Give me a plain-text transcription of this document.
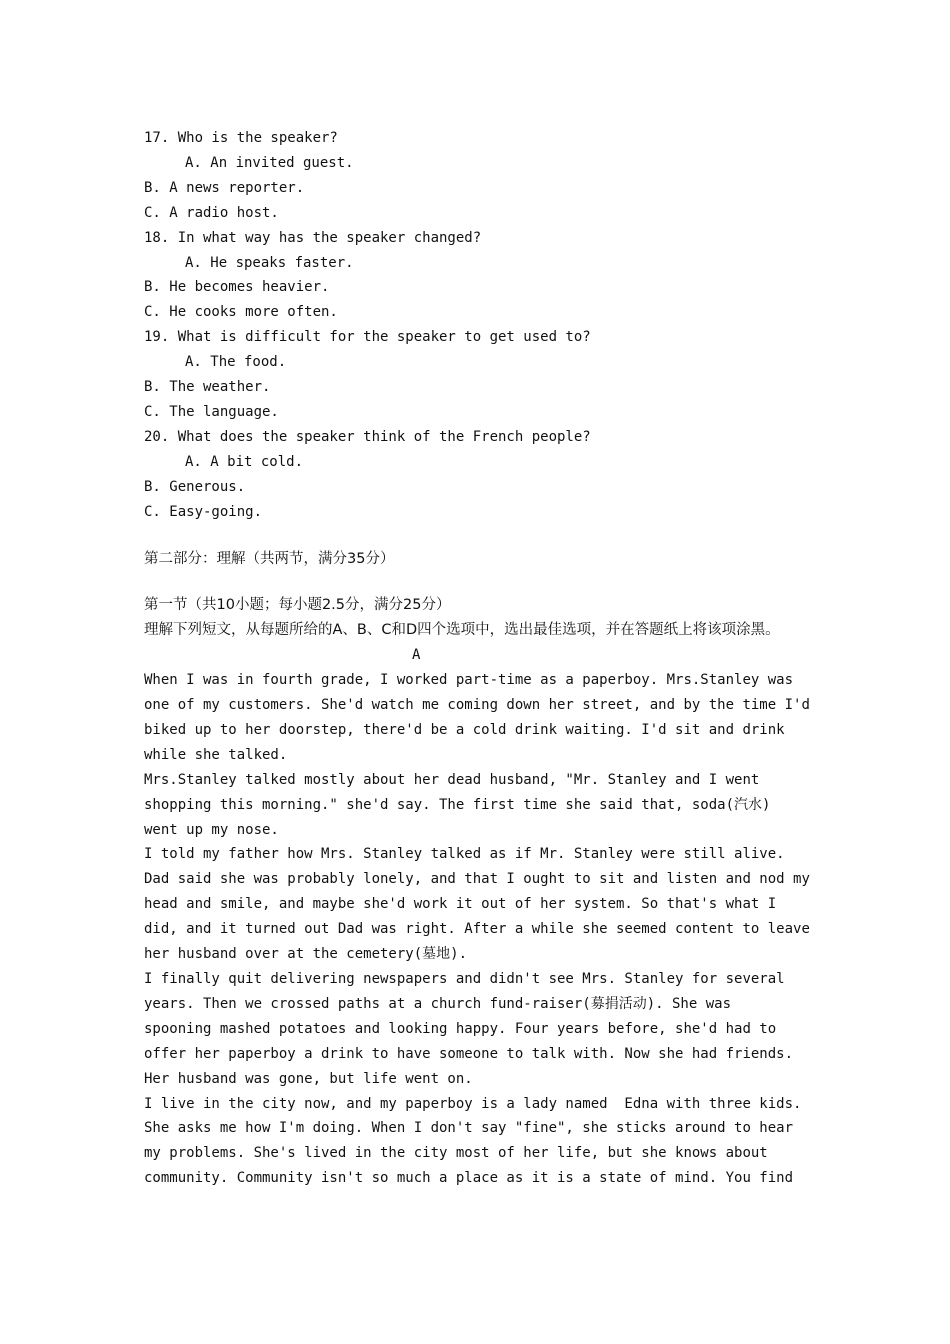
17. Who is the speaker?

A. An invited guest.

B. A news reporter.

C. A radio host.

18. In what way has the speaker changed?

A. He speaks faster.

B. He becomes heavier.

C. He cooks more often.

19. What is difficult for the speaker to get used to?

A. The food.

B. The weather.

C. The language.

20. What does the speaker think of the French people?

A. A bit cold.

B. Generous.

C. Easy-going.

第二部分：理解（共两节，满分35分）

第一节（共10小题；每小题2.5分，满分25分）

理解下列短文，从每题所给的A、B、C和D四个选项中，选出最佳选项，并在答题纸上将该项涂黑。

A

When I was in fourth grade, I worked part-time as a paperboy. Mrs.Stanley was

one of my customers. She'd watch me coming down her street, and by the time I'd

biked up to her doorstep, there'd be a cold drink waiting. I'd sit and drink

while she talked.

Mrs.Stanley talked mostly about her dead husband, "Mr. Stanley and I went

shopping this morning." she'd say. The first time she said that, soda(汽水)

went up my nose.

I told my father how Mrs. Stanley talked as if Mr. Stanley were still alive.

Dad said she was probably lonely, and that I ought to sit and listen and nod my

head and smile, and maybe she'd work it out of her system. So that's what I

did, and it turned out Dad was right. After a while she seemed content to leave

her husband over at the cemetery(墓地).

I finally quit delivering newspapers and didn't see Mrs. Stanley for several

years. Then we crossed paths at a church fund-raiser(募捐活动). She was

spooning mashed potatoes and looking happy. Four years before, she'd had to

offer her paperboy a drink to have someone to talk with. Now she had friends.

Her husband was gone, but life went on.

I live in the city now, and my paperboy is a lady named  Edna with three kids.

She asks me how I'm doing. When I don't say "fine", she sticks around to hear

my problems. She's lived in the city most of her life, but she knows about

community. Community isn't so much a place as it is a state of mind. You find
